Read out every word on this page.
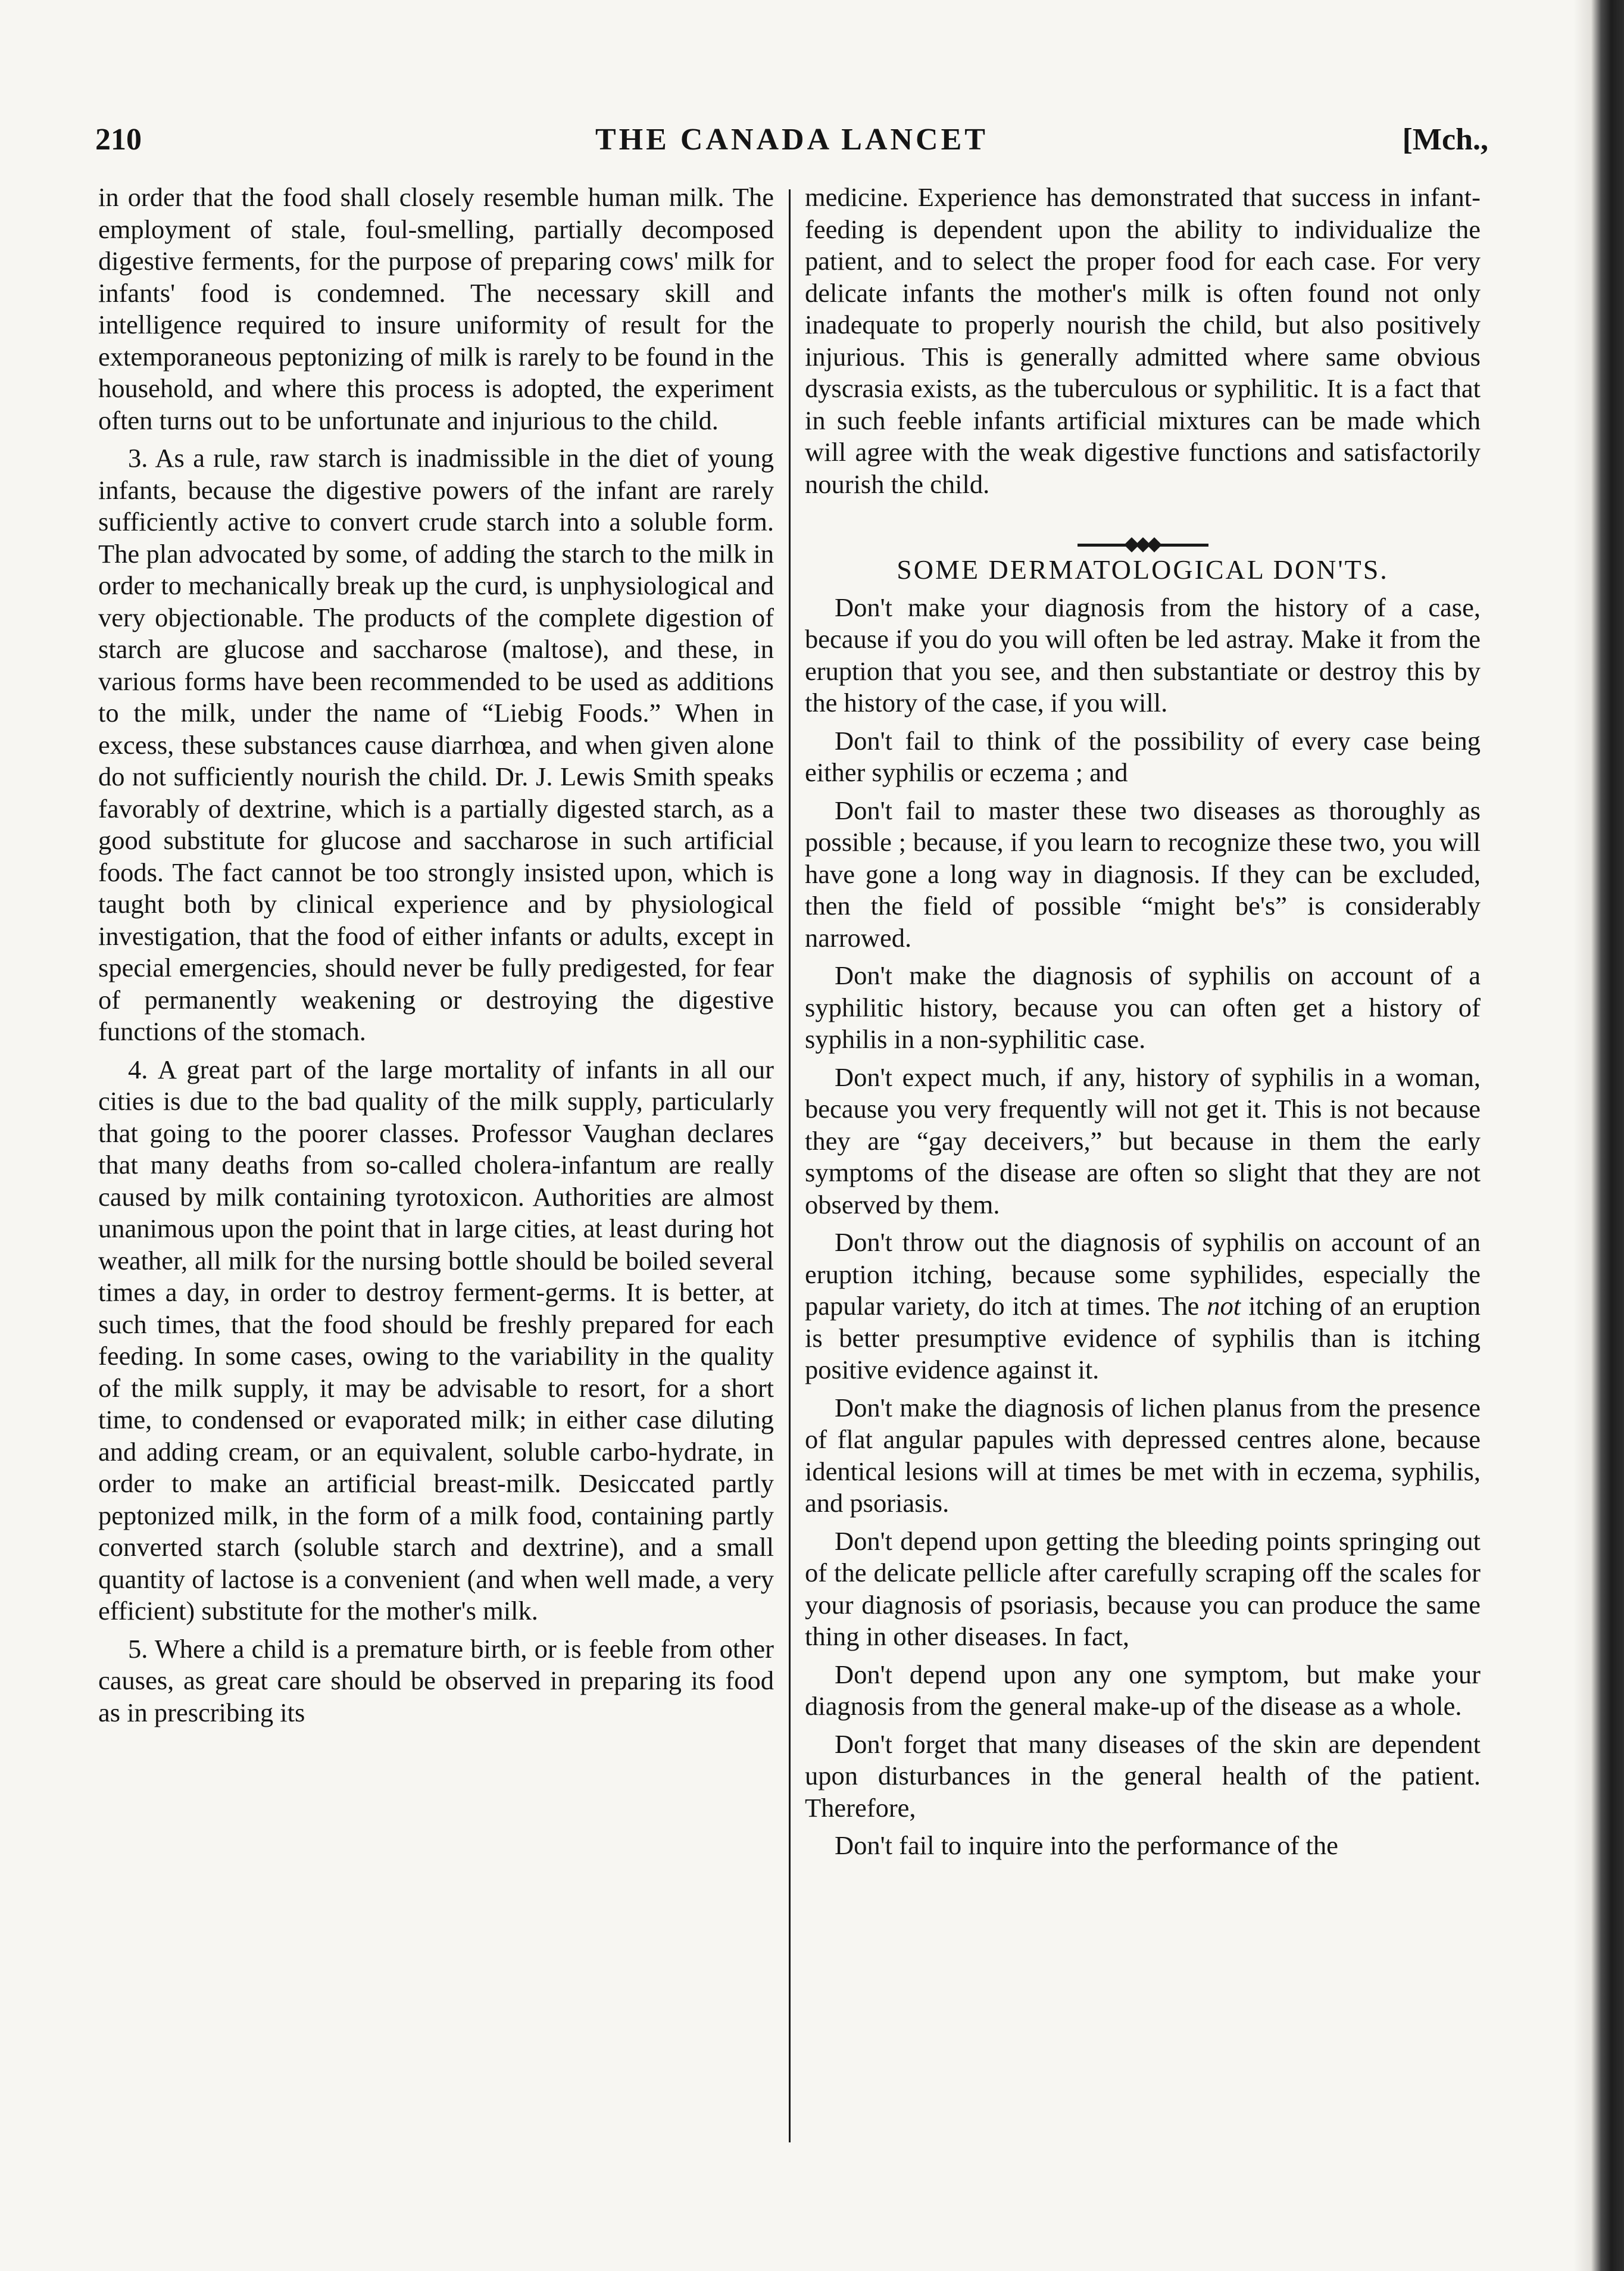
210	THE CANADA LANCET	[Mch.,

in order that the food shall closely resemble human milk. The employment of stale, foul-smelling, partially decomposed digestive ferments, for the purpose of preparing cows' milk for infants' food is condemned. The necessary skill and intelligence required to insure uniformity of result for the extemporaneous peptonizing of milk is rarely to be found in the household, and where this process is adopted, the experiment often turns out to be unfortunate and injurious to the child.

3. As a rule, raw starch is inadmissible in the diet of young infants, because the digestive powers of the infant are rarely sufficiently active to convert crude starch into a soluble form. The plan advocated by some, of adding the starch to the milk in order to mechanically break up the curd, is unphysiological and very objectionable. The products of the complete digestion of starch are glucose and saccharose (maltose), and these, in various forms have been recommended to be used as additions to the milk, under the name of “Liebig Foods.” When in excess, these substances cause diarrhœa, and when given alone do not sufficiently nourish the child. Dr. J. Lewis Smith speaks favorably of dextrine, which is a partially digested starch, as a good substitute for glucose and saccharose in such artificial foods. The fact cannot be too strongly insisted upon, which is taught both by clinical experience and by physiological investigation, that the food of either infants or adults, except in special emergencies, should never be fully predigested, for fear of permanently weakening or destroying the digestive functions of the stomach.

4. A great part of the large mortality of infants in all our cities is due to the bad quality of the milk supply, particularly that going to the poorer classes. Professor Vaughan declares that many deaths from so-called cholera-infantum are really caused by milk containing tyrotoxicon. Authorities are almost unanimous upon the point that in large cities, at least during hot weather, all milk for the nursing bottle should be boiled several times a day, in order to destroy ferment-germs. It is better, at such times, that the food should be freshly prepared for each feeding. In some cases, owing to the variability in the quality of the milk supply, it may be advisable to resort, for a short time, to condensed or evaporated milk; in either case diluting and adding cream, or an equivalent, soluble carbo-hydrate, in order to make an artificial breast-milk. Desiccated partly peptonized milk, in the form of a milk food, containing partly converted starch (soluble starch and dextrine), and a small quantity of lactose is a convenient (and when well made, a very efficient) substitute for the mother's milk.

5. Where a child is a premature birth, or is feeble from other causes, as great care should be observed in preparing its food as in prescribing its

medicine. Experience has demonstrated that success in infant-feeding is dependent upon the ability to individualize the patient, and to select the proper food for each case. For very delicate infants the mother's milk is often found not only inadequate to properly nourish the child, but also positively injurious. This is generally admitted where same obvious dyscrasia exists, as the tuberculous or syphilitic. It is a fact that in such feeble infants artificial mixtures can be made which will agree with the weak digestive functions and satisfactorily nourish the child.

SOME DERMATOLOGICAL DON'TS.

Don't make your diagnosis from the history of a case, because if you do you will often be led astray. Make it from the eruption that you see, and then substantiate or destroy this by the history of the case, if you will.

Don't fail to think of the possibility of every case being either syphilis or eczema ; and

Don't fail to master these two diseases as thoroughly as possible ; because, if you learn to recognize these two, you will have gone a long way in diagnosis. If they can be excluded, then the field of possible “might be's” is considerably narrowed.

Don't make the diagnosis of syphilis on account of a syphilitic history, because you can often get a history of syphilis in a non-syphilitic case.

Don't expect much, if any, history of syphilis in a woman, because you very frequently will not get it. This is not because they are “gay deceivers,” but because in them the early symptoms of the disease are often so slight that they are not observed by them.

Don't throw out the diagnosis of syphilis on account of an eruption itching, because some syphilides, especially the papular variety, do itch at times. The not itching of an eruption is better presumptive evidence of syphilis than is itching positive evidence against it.

Don't make the diagnosis of lichen planus from the presence of flat angular papules with depressed centres alone, because identical lesions will at times be met with in eczema, syphilis, and psoriasis.

Don't depend upon getting the bleeding points springing out of the delicate pellicle after carefully scraping off the scales for your diagnosis of psoriasis, because you can produce the same thing in other diseases. In fact,

Don't depend upon any one symptom, but make your diagnosis from the general make-up of the disease as a whole.

Don't forget that many diseases of the skin are dependent upon disturbances in the general health of the patient. Therefore,

Don't fail to inquire into the performance of the
